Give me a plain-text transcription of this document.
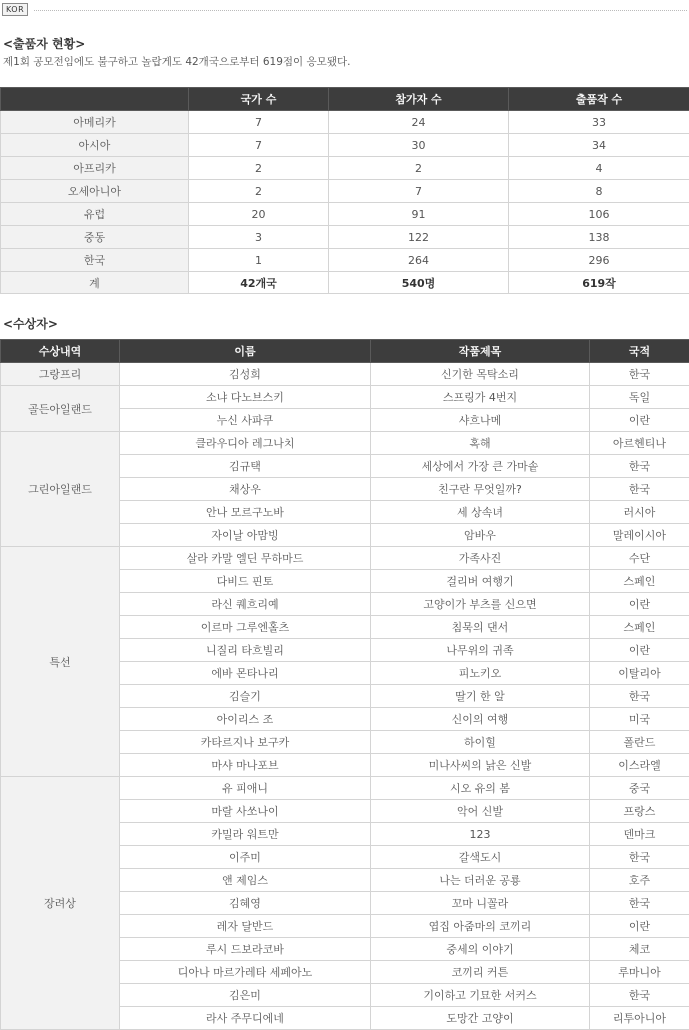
KOR
<출품자 현황>
제1회 공모전임에도 불구하고 놀랍게도 42개국으로부터 619점이 응모됐다.
	국가 수	참가자 수	출품작 수
아메리카	7	24	33
아시아	7	30	34
아프리카	2	2	4
오세아니아	2	7	8
유럽	20	91	106
중동	3	122	138
한국	1	264	296
계	42개국	540명	619작
<수상자>
수상내역	이름	작품제목	국적
그랑프리	김성희	신기한 목탁소리	한국
골든아일랜드	소냐 다노브스키	스프링가 4번지	독일
	누신 사파쿠	샤흐나메	이란
그린아일랜드	클라우디아 레그나치	혹해	아르헨티나
	김규택	세상에서 가장 큰 가마솥	한국
	채상우	친구란 무엇일까?	한국
	안나 모르구노바	세 상속녀	러시아
	자이날 아맘빙	암바우	말레이시아
특선	살라 카말 엘딘 무하마드	가족사진	수단
	다비드 핀토	걸리버 여행기	스페인
	라신 퀘흐리예	고양이가 부츠를 신으면	이란
	이르마 그루엔홀츠	침묵의 댄서	스페인
	니질리 타흐빌리	나무위의 귀족	이란
	에바 몬타나리	피노키오	이탈리아
	김슬기	딸기 한 알	한국
	아이리스 조	신이의 여행	미국
	카타르지나 보구카	하이힐	폴란드
	마샤 마나포브	미나사씨의 낡은 신발	이스라엘
장려상	유 피애니	시오 유의 봄	중국
	마랄 사쏘나이	악어 신발	프랑스
	카밀라 워트만	123	덴마크
	이주미	갈색도시	한국
	앤 제임스	나는 더러운 공룡	호주
	김혜영	꼬마 니꼴라	한국
	레자 달반드	엽집 아줌마의 코끼리	이란
	루시 드보라코바	중세의 이야기	체코
	디아나 마르가레타 세페아노	코끼리 커튼	루마니아
	김은미	기이하고 기묘한 서커스	한국
	라사 주무디에네	도망간 고양이	리투아니아
